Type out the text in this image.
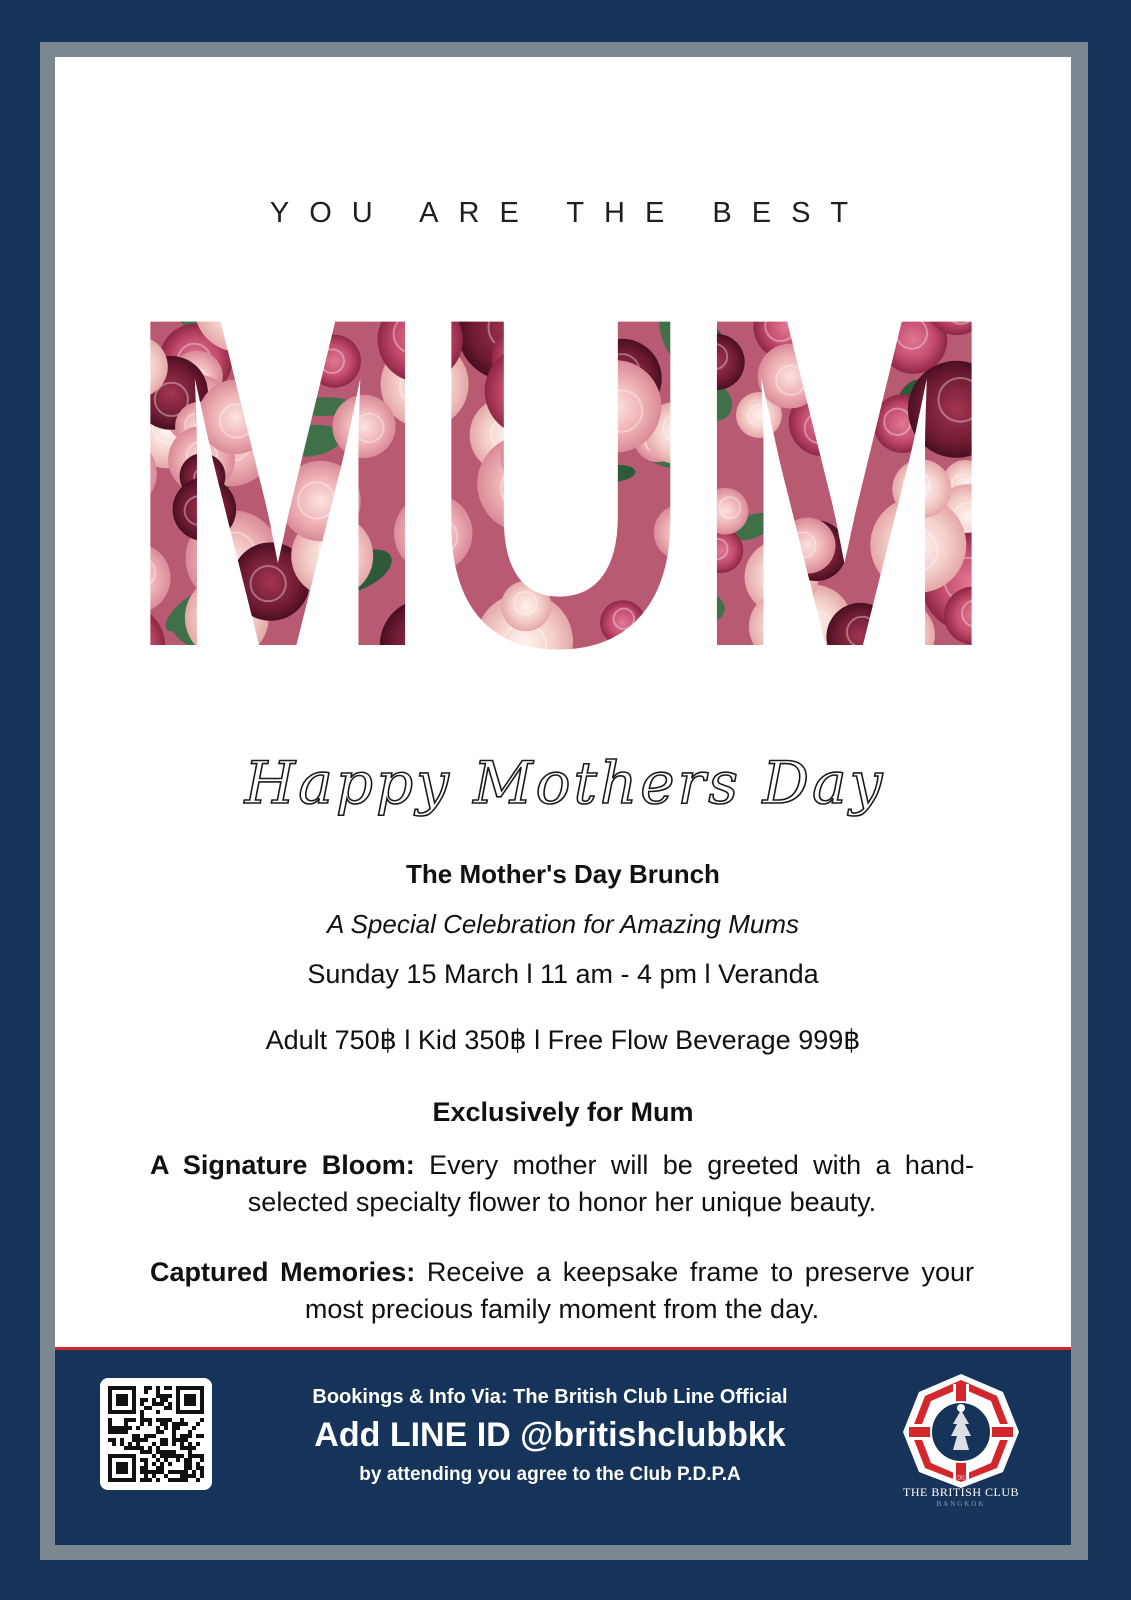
YOU ARE THE BEST
Happy Mothers Day
The Mother's Day Brunch
A Special Celebration for Amazing Mums
Sunday 15 March l 11 am - 4 pm l Veranda
Adult 750฿ l Kid 350฿ l Free Flow Beverage 999฿
Exclusively for Mum
A Signature Bloom: Every mother will be greeted with a hand-selected specialty flower to honor her unique beauty.
Captured Memories: Receive a keepsake frame to preserve your most precious family moment from the day.
Bookings & Info Via: The British Club Line Official
Add LINE ID @britishclubbkk
by attending you agree to the Club P.D.P.A	1903
THE BRITISH CLUB
BANGKOK
